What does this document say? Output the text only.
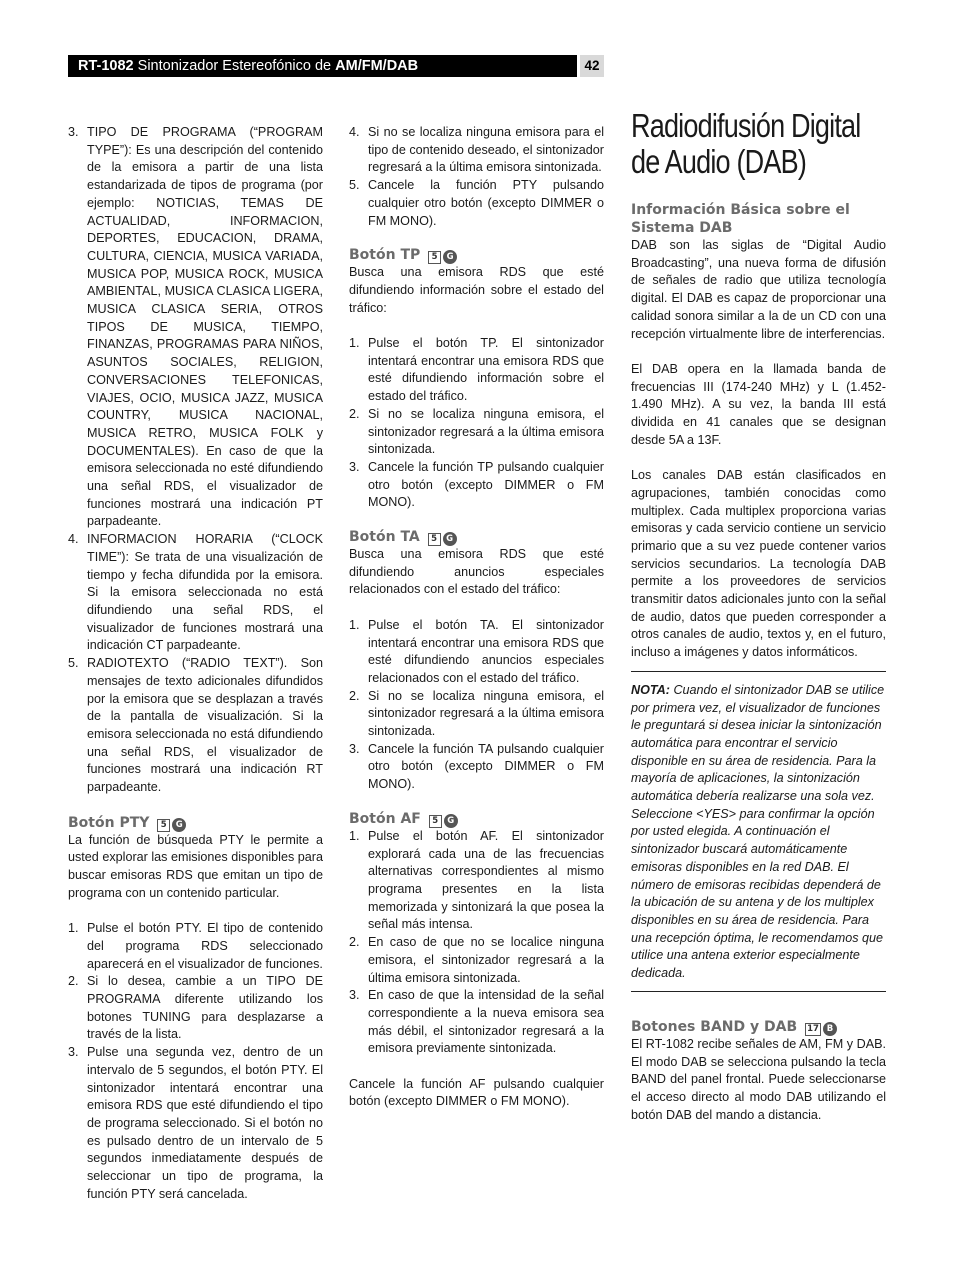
RT-1082 Sintonizador Estereofónico de AM/FM/DAB	42
3. TIPO DE PROGRAMA (“PROGRAM TYPE”): Es una descripción del contenido de la emisora a partir de una lista estandarizada de tipos de programa (por ejemplo: NOTICIAS, TEMAS DE ACTUALIDAD, INFORMACION, DEPORTES, EDUCACION, DRAMA, CULTURA, CIENCIA, MUSICA VARIADA, MUSICA POP, MUSICA ROCK, MUSICA AMBIENTAL, MUSICA CLASICA LIGERA, MUSICA CLASICA SERIA, OTROS TIPOS DE MUSICA, TIEMPO, FINANZAS, PROGRAMAS PARA NIÑOS, ASUNTOS SOCIALES, RELIGION, CONVERSACIONES TELEFONICAS, VIAJES, OCIO, MUSICA JAZZ, MUSICA COUNTRY, MUSICA NACIONAL, MUSICA RETRO, MUSICA FOLK y DOCUMENTALES). En caso de que la emisora seleccionada no esté difundiendo una señal RDS, el visualizador de funciones mostrará una indicación PT parpadeante.
4. INFORMACION HORARIA (“CLOCK TIME”): Se trata de una visualización de tiempo y fecha difundida por la emisora. Si la emisora seleccionada no está difundiendo una señal RDS, el visualizador de funciones mostrará una indicación CT parpadeante.
5. RADIOTEXTO (“RADIO TEXT”). Son mensajes de texto adicionales difundidos por la emisora que se desplazan a través de la pantalla de visualización. Si la emisora seleccionada no está difundiendo una señal RDS, el visualizador de funciones mostrará una indicación RT parpadeante.
Botón PTY 5 G

La función de búsqueda PTY le permite a usted explorar las emisiones disponibles para buscar emisoras RDS que emitan un tipo de programa con un contenido particular.

1. Pulse el botón PTY. El tipo de contenido del programa RDS seleccionado aparecerá en el visualizador de funciones.
2. Si lo desea, cambie a un TIPO DE PROGRAMA diferente utilizando los botones TUNING para desplazarse a través de la lista.
3. Pulse una segunda vez, dentro de un intervalo de 5 segundos, el botón PTY. El sintonizador intentará encontrar una emisora RDS que esté difundiendo el tipo de programa seleccionado. Si el botón no es pulsado dentro de un intervalo de 5 segundos inmediatamente después de seleccionar un tipo de programa, la función PTY será cancelada.
4. Si no se localiza ninguna emisora para el tipo de contenido deseado, el sintonizador regresará a la última emisora sintonizada.
5. Cancele la función PTY pulsando cualquier otro botón (excepto DIMMER o FM MONO).
Botón TP 5 G

Busca una emisora RDS que esté difundiendo información sobre el estado del tráfico:

1. Pulse el botón TP. El sintonizador intentará encontrar una emisora RDS que esté difundiendo información sobre el estado del tráfico.
2. Si no se localiza ninguna emisora, el sintonizador regresará a la última emisora sintonizada.
3. Cancele la función TP pulsando cualquier otro botón (excepto DIMMER o FM MONO).
Botón TA 5 G

Busca una emisora RDS que esté difundiendo anuncios especiales relacionados con el estado del tráfico:

1. Pulse el botón TA. El sintonizador intentará encontrar una emisora RDS que esté difundiendo anuncios especiales relacionados con el estado del tráfico.
2. Si no se localiza ninguna emisora, el sintonizador regresará a la última emisora sintonizada.
3. Cancele la función TA pulsando cualquier otro botón (excepto DIMMER o FM MONO).
Botón AF 5 G
1. Pulse el botón AF. El sintonizador explorará cada una de las frecuencias alternativas correspondientes al mismo programa presentes en la lista memorizada y sintonizará la que posea la señal más intensa.
2. En caso de que no se localice ninguna emisora, el sintonizador regresará a la última emisora sintonizada.
3. En caso de que la intensidad de la señal correspondiente a la nueva emisora sea más débil, el sintonizador regresará a la emisora previamente sintonizada.

Cancele la función AF pulsando cualquier botón (excepto DIMMER o FM MONO).

Radiodifusión Digital de Audio (DAB)
Información Básica sobre el Sistema DAB

DAB son las siglas de “Digital Audio Broadcasting”, una nueva forma de difusión de señales de radio que utiliza tecnología digital. El DAB es capaz de proporcionar una calidad sonora similar a la de un CD con una recepción virtualmente libre de interferencias.

El DAB opera en la llamada banda de frecuencias III (174-240 MHz) y L (1.452-1.490 MHz). A su vez, la banda III está dividida en 41 canales que se designan desde 5A a 13F.

Los canales DAB están clasificados en agrupaciones, también conocidas como multiplex. Cada multiplex proporciona varias emisoras y cada servicio contiene un servicio primario que a su vez puede contener varios servicios secundarios. La tecnología DAB permite a los proveedores de servicios transmitir datos adicionales junto con la señal de audio, datos que pueden corresponder a otros canales de audio, textos y, en el futuro, incluso a imágenes y datos informáticos.

NOTA: Cuando el sintonizador DAB se utilice por primera vez, el visualizador de funciones le preguntará si desea iniciar la sintonización automática para encontrar el servicio disponible en su área de residencia. Para la mayoría de aplicaciones, la sintonización automática debería realizarse una sola vez. Seleccione <YES> para confirmar la opción por usted elegida. A continuación el sintonizador buscará automáticamente emisoras disponibles en la red DAB. El número de emisoras recibidas dependerá de la ubicación de su antena y de los multiplex disponibles en su área de residencia. Para una recepción óptima, le recomendamos que utilice una antena exterior especialmente dedicada.
Botones BAND y DAB 17 B

El RT-1082 recibe señales de AM, FM y DAB. El modo DAB se selecciona pulsando la tecla BAND del panel frontal. Puede seleccionarse el acceso directo al modo DAB utilizando el botón DAB del mando a distancia.
